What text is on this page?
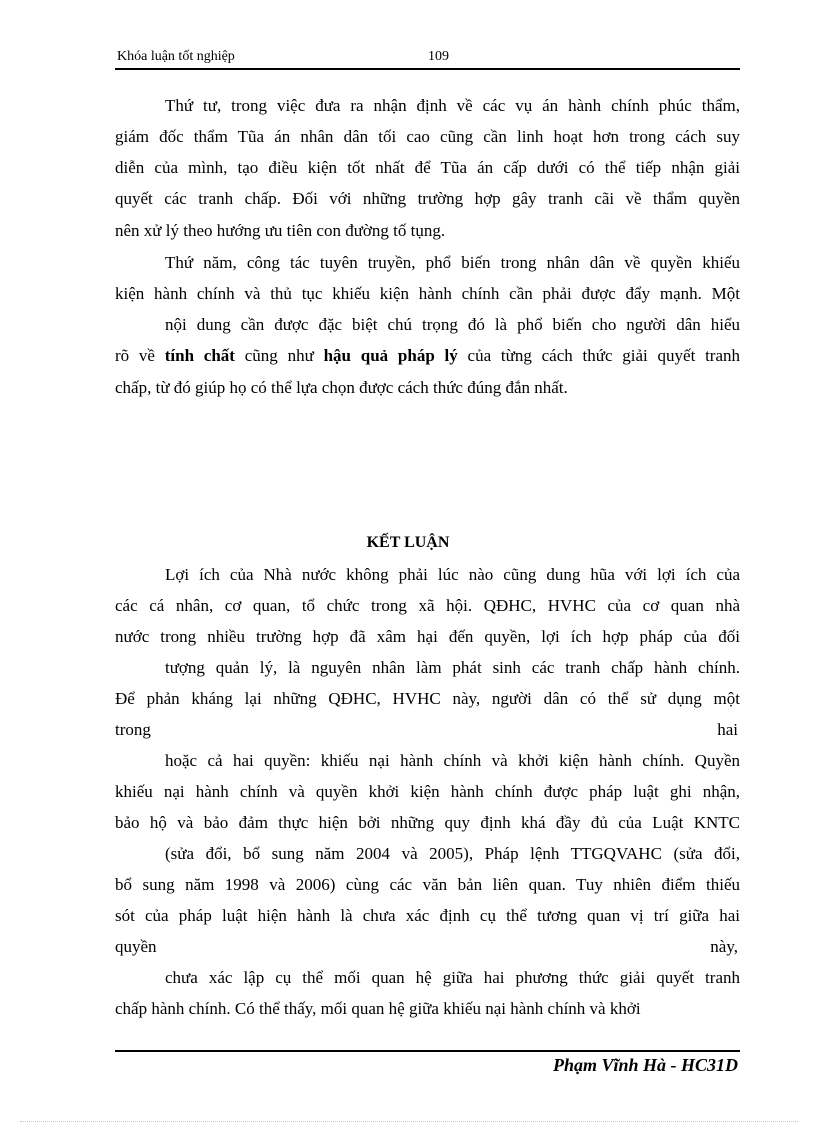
Khóa luận tốt nghiệp	109
Thứ tư, trong việc đưa ra nhận định về các vụ án hành chính phúc thẩm,
giám đốc thẩm Tũa án nhân dân tối cao cũng cần linh hoạt hơn trong cách suy
diễn của mình, tạo điều kiện tốt nhất để Tũa án cấp dưới có thể tiếp nhận giải
quyết các tranh chấp. Đối với những trường hợp gây tranh cãi về thẩm quyền
nên xử lý theo hướng ưu tiên con đường tố tụng.
Thứ năm, công tác tuyên truyền, phổ biến trong nhân dân về quyền khiếu
kiện hành chính và thủ tục khiếu kiện hành chính cần phải được đẩy mạnh. Một
nội dung cần được đặc biệt chú trọng đó là phổ biến cho người dân hiểu
rõ về tính chất cũng như hậu quả pháp lý của từng cách thức giải quyết tranh
chấp, từ đó giúp họ có thể lựa chọn được cách thức đúng đắn nhất.
KẾT LUẬN
Lợi ích của Nhà nước không phải lúc nào cũng dung hũa với lợi ích của
các cá nhân, cơ quan, tổ chức trong xã hội. QĐHC, HVHC của cơ quan nhà
nước trong nhiều trường hợp đã xâm hại đến quyền, lợi ích hợp pháp của đối
tượng quản lý, là nguyên nhân làm phát sinh các tranh chấp hành chính.
Để phản kháng lại những QĐHC, HVHC này, người dân có thể sử dụng một
trong	hai
hoặc cả hai quyền: khiếu nại hành chính và khởi kiện hành chính. Quyền
khiếu nại hành chính và quyền khởi kiện hành chính được pháp luật ghi nhận,
bảo hộ và bảo đảm thực hiện bởi những quy định khá đầy đủ của Luật KNTC
(sửa đổi, bổ sung năm 2004 và 2005), Pháp lệnh TTGQVAHC (sửa đổi,
bổ sung năm 1998 và 2006) cùng các văn bản liên quan. Tuy nhiên điểm thiếu
sót của pháp luật hiện hành là chưa xác định cụ thể tương quan vị trí giữa hai
quyền	này,
chưa xác lập cụ thể mối quan hệ giữa hai phương thức giải quyết tranh
chấp hành chính. Có thể thấy, mối quan hệ giữa khiếu nại hành chính và khởi
Phạm Vĩnh Hà - HC31D
